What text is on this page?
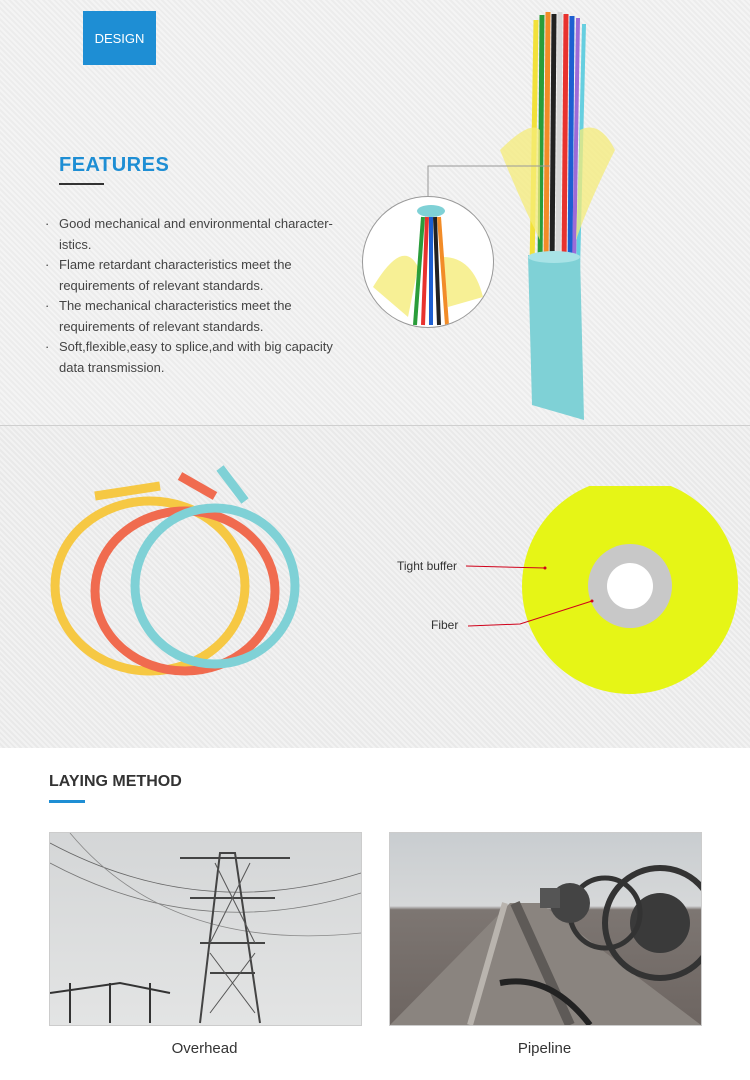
DESIGN
FEATURES
· Good mechanical and environmental characteristics.
· Flame retardant characteristics meet the requirements of relevant standards.
· The mechanical characteristics meet the requirements of relevant standards.
· Soft,flexible,easy to splice,and with big capacity data transmission.
Tight buffer
Fiber
LAYING METHOD
Overhead	Pipeline
